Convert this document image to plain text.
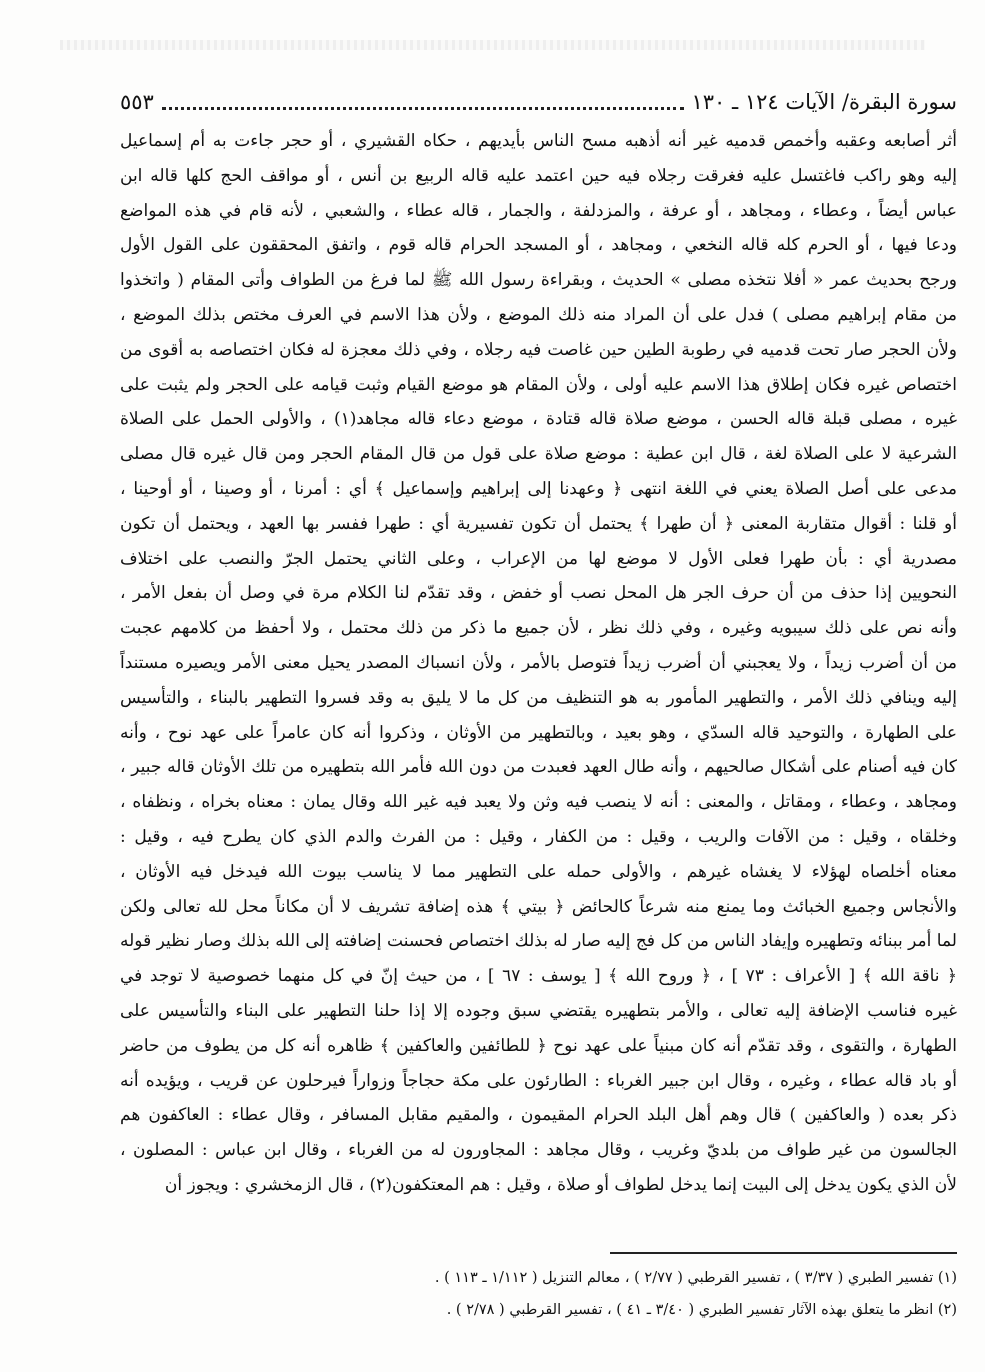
سورة البقرة/ الآيات ١٢٤ ـ ١٣٠
٥٥٣
أثر أصابعه وعقبه وأخمص قدميه غير أنه أذهبه مسح الناس بأيديهم ، حكاه القشيري ، أو حجر جاءت به أم إسماعيل
إليه وهو راكب فاغتسل عليه فغرقت رجلاه فيه حين اعتمد عليه قاله الربيع بن أنس ، أو مواقف الحج كلها قاله ابن
عباس أيضاً ، وعطاء ، ومجاهد ، أو عرفة ، والمزدلفة ، والجمار ، قاله عطاء ، والشعبي ، لأنه قام في هذه المواضع
ودعا فيها ، أو الحرم كله قاله النخعي ، ومجاهد ، أو المسجد الحرام قاله قوم ، واتفق المحققون على القول الأول
ورجح بحديث عمر « أفلا نتخذه مصلى » الحديث ، وبقراءة رسول الله ﷺ لما فرغ من الطواف وأتى المقام ( واتخذوا
من مقام إبراهيم مصلى ) فدل على أن المراد منه ذلك الموضع ، ولأن هذا الاسم في العرف مختص بذلك الموضع ،
ولأن الحجر صار تحت قدميه في رطوبة الطين حين غاصت فيه رجلاه ، وفي ذلك معجزة له فكان اختصاصه به أقوى من
اختصاص غيره فكان إطلاق هذا الاسم عليه أولى ، ولأن المقام هو موضع القيام وثبت قيامه على الحجر ولم يثبت على
غيره ، مصلى قبلة قاله الحسن ، موضع صلاة قاله قتادة ، موضع دعاء قاله مجاهد(١) ، والأولى الحمل على الصلاة
الشرعية لا على الصلاة لغة ، قال ابن عطية : موضع صلاة على قول من قال المقام الحجر ومن قال غيره قال مصلى
مدعى على أصل الصلاة يعني في اللغة انتهى ﴿ وعهدنا إلى إبراهيم وإسماعيل ﴾ أي : أمرنا ، أو وصينا ، أو أوحينا ،
أو قلنا : أقوال متقاربة المعنى ﴿ أن طهرا ﴾ يحتمل أن تكون تفسيرية أي : طهرا ففسر بها العهد ، ويحتمل أن تكون
مصدرية أي : بأن طهرا فعلى الأول لا موضع لها من الإعراب ، وعلى الثاني يحتمل الجرّ والنصب على اختلاف
النحويين إذا حذف من أن حرف الجر هل المحل نصب أو خفض ، وقد تقدّم لنا الكلام مرة في وصل أن بفعل الأمر ،
وأنه نص على ذلك سيبويه وغيره ، وفي ذلك نظر ، لأن جميع ما ذكر من ذلك محتمل ، ولا أحفظ من كلامهم عجبت
من أن أضرب زيداً ، ولا يعجبني أن أضرب زيداً فتوصل بالأمر ، ولأن انسباك المصدر يحيل معنى الأمر ويصيره مستنداً
إليه وينافي ذلك الأمر ، والتطهير المأمور به هو التنظيف من كل ما لا يليق به وقد فسروا التطهير بالبناء ، والتأسيس
على الطهارة ، والتوحيد قاله السدّي ، وهو بعيد ، وبالتطهير من الأوثان ، وذكروا أنه كان عامراً على عهد نوح ، وأنه
كان فيه أصنام على أشكال صالحيهم ، وأنه طال العهد فعبدت من دون الله فأمر الله بتطهيره من تلك الأوثان قاله جبير ،
ومجاهد ، وعطاء ، ومقاتل ، والمعنى : أنه لا ينصب فيه وثن ولا يعبد فيه غير الله وقال يمان : معناه بخراه ، ونظفاه ،
وخلقاه ، وقيل : من الآفات والريب ، وقيل : من الكفار ، وقيل : من الفرث والدم الذي كان يطرح فيه ، وقيل :
معناه أخلصاه لهؤلاء لا يغشاه غيرهم ، والأولى حمله على التطهير مما لا يناسب بيوت الله فيدخل فيه الأوثان ،
والأنجاس وجميع الخبائث وما يمنع منه شرعاً كالحائض ﴿ بيتي ﴾ هذه إضافة تشريف لا أن مكاناً محل لله تعالى ولكن
لما أمر ببنائه وتطهيره وإيفاد الناس من كل فج إليه صار له بذلك اختصاص فحسنت إضافته إلى الله بذلك وصار نظير قوله
﴿ ناقة الله ﴾ [ الأعراف : ٧٣ ] ، ﴿ وروح الله ﴾ [ يوسف : ٦٧ ] ، من حيث إنّ في كل منهما خصوصية لا توجد في
غيره فناسب الإضافة إليه تعالى ، والأمر بتطهيره يقتضي سبق وجوده إلا إذا حلنا التطهير على البناء والتأسيس على
الطهارة ، والتقوى ، وقد تقدّم أنه كان مبنياً على عهد نوح ﴿ للطائفين والعاكفين ﴾ ظاهره أنه كل من يطوف من حاضر
أو باد قاله عطاء ، وغيره ، وقال ابن جبير الغرباء : الطارئون على مكة حجاجاً وزواراً فيرحلون عن قريب ، ويؤيده أنه
ذكر بعده ( والعاكفين ) قال وهم أهل البلد الحرام المقيمون ، والمقيم مقابل المسافر ، وقال عطاء : العاكفون هم
الجالسون من غير طواف من بلديّ وغريب ، وقال مجاهد : المجاورون له من الغرباء ، وقال ابن عباس : المصلون ،
لأن الذي يكون يدخل إلى البيت إنما يدخل لطواف أو صلاة ، وقيل : هم المعتكفون(٢) ، قال الزمخشري : ويجوز أن
(١) تفسير الطبري ( ٣/٣٧ ) ، تفسير القرطبي ( ٢/٧٧ ) ، معالم التنزيل ( ١/١١٢ ـ ١١٣ ) .
(٢) انظر ما يتعلق بهذه الآثار تفسير الطبري ( ٣/٤٠ ـ ٤١ ) ، تفسير القرطبي ( ٢/٧٨ ) .
